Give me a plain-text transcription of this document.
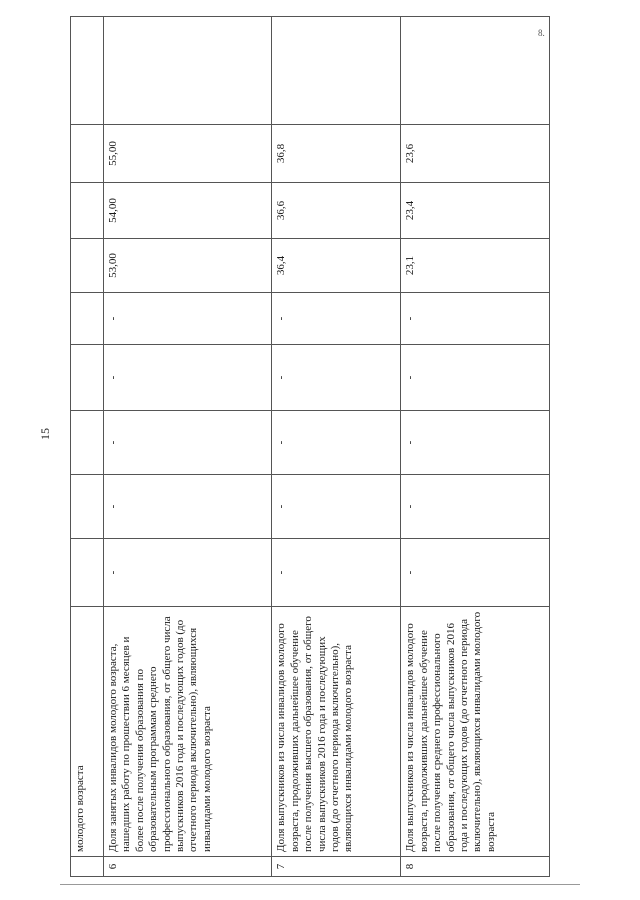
15
8.
	молодого возраста									
6	Доля занятых инвалидов молодого возраста, нашедших работу по прошествии 6 месяцев и более после получения образования по образовательным программам среднего профессионального образования, от общего числа выпускников 2016 года и последующих годов (до отчетного периода включительно), являющихся инвалидами молодого возраста	-	-	-	-	-	53,00	54,00	55,00	
7	Доля выпускников из числа инвалидов молодого возраста, продолживших дальнейшее обучение после получения высшего образования, от общего числа выпускников 2016 года и последующих годов (до отчетного периода включительно), являющихся инвалидами молодого возраста	-	-	-	-	-	36,4	36,6	36,8	
8	Доля выпускников из числа инвалидов молодого возраста, продолживших дальнейшее обучение после получения среднего профессионального образования, от общего числа выпускников 2016 года и последующих годов (до отчетного периода включительно), являющихся инвалидами молодого возраста	-	-	-	-	-	23,1	23,4	23,6	
